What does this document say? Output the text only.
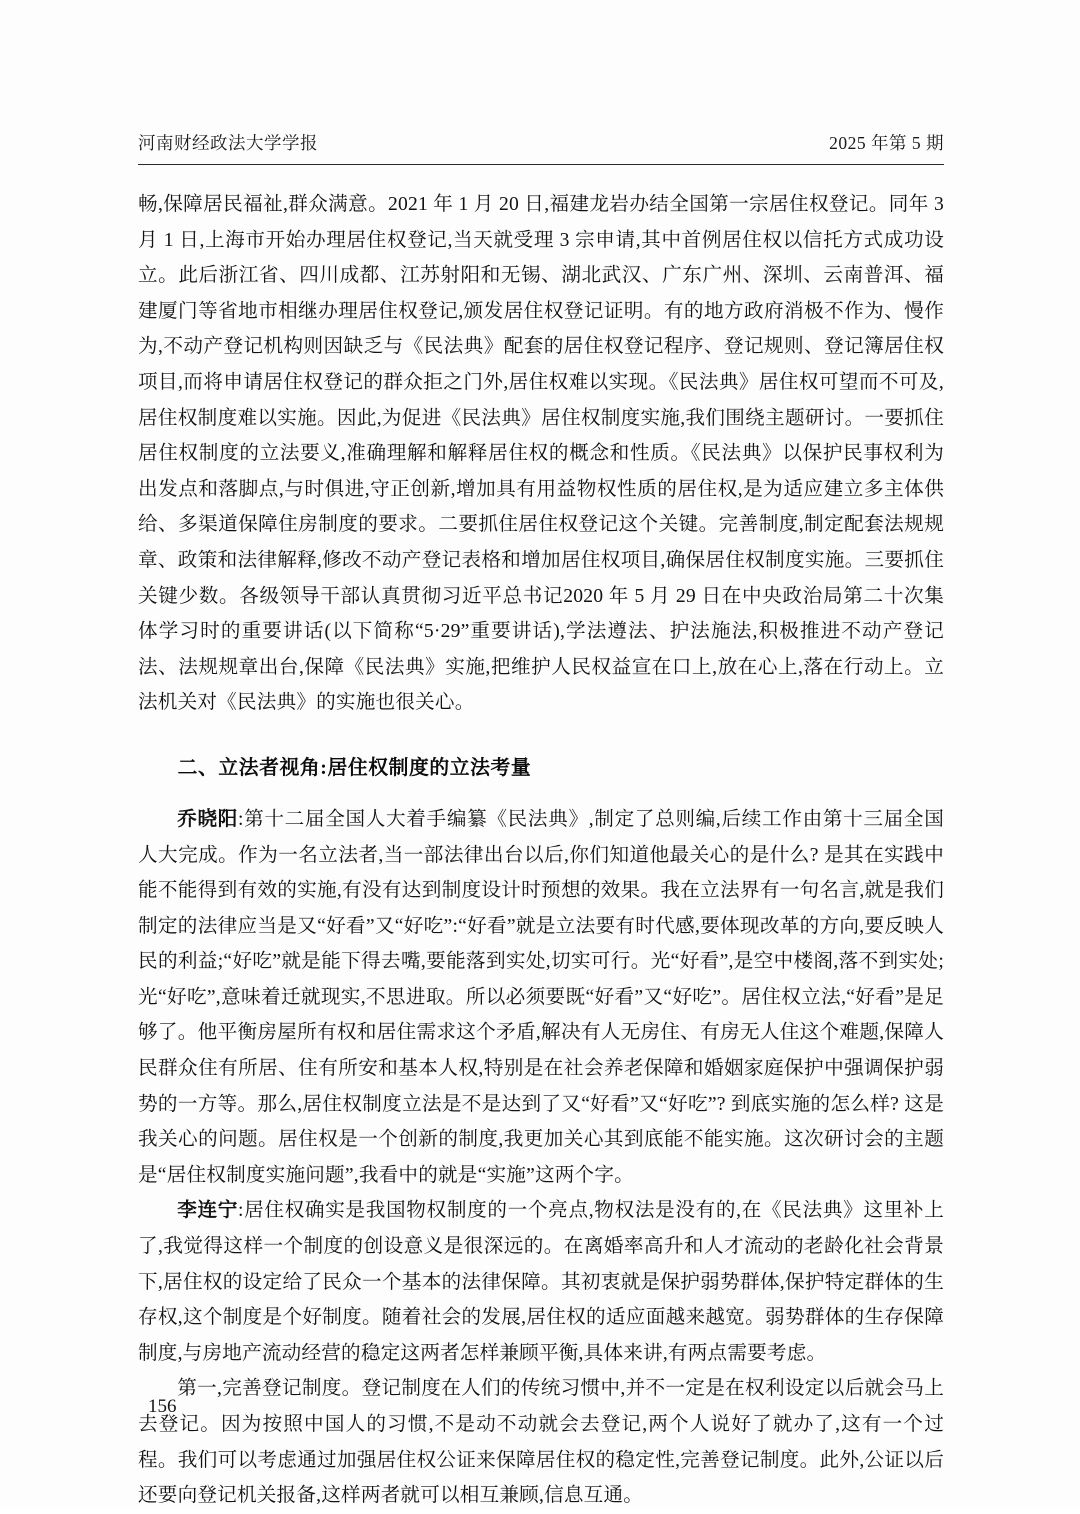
河南财经政法大学学报	2025 年第 5 期

畅,保障居民福祉,群众满意。2021 年 1 月 20 日,福建龙岩办结全国第一宗居住权登记。同年 3 月 1 日,上海市开始办理居住权登记,当天就受理 3 宗申请,其中首例居住权以信托方式成功设立。此后浙江省、四川成都、江苏射阳和无锡、湖北武汉、广东广州、深圳、云南普洱、福建厦门等省地市相继办理居住权登记,颁发居住权登记证明。有的地方政府消极不作为、慢作为,不动产登记机构则因缺乏与《民法典》配套的居住权登记程序、登记规则、登记簿居住权项目,而将申请居住权登记的群众拒之门外,居住权难以实现。《民法典》居住权可望而不可及,居住权制度难以实施。因此,为促进《民法典》居住权制度实施,我们围绕主题研讨。一要抓住居住权制度的立法要义,准确理解和解释居住权的概念和性质。《民法典》以保护民事权利为出发点和落脚点,与时俱进,守正创新,增加具有用益物权性质的居住权,是为适应建立多主体供给、多渠道保障住房制度的要求。二要抓住居住权登记这个关键。完善制度,制定配套法规规章、政策和法律解释,修改不动产登记表格和增加居住权项目,确保居住权制度实施。三要抓住关键少数。各级领导干部认真贯彻习近平总书记2020 年 5 月 29 日在中央政治局第二十次集体学习时的重要讲话(以下简称“5·29”重要讲话),学法遵法、护法施法,积极推进不动产登记法、法规规章出台,保障《民法典》实施,把维护人民权益宣在口上,放在心上,落在行动上。立法机关对《民法典》的实施也很关心。

二、立法者视角:居住权制度的立法考量

乔晓阳:第十二届全国人大着手编纂《民法典》,制定了总则编,后续工作由第十三届全国人大完成。作为一名立法者,当一部法律出台以后,你们知道他最关心的是什么? 是其在实践中能不能得到有效的实施,有没有达到制度设计时预想的效果。我在立法界有一句名言,就是我们制定的法律应当是又“好看”又“好吃”:“好看”就是立法要有时代感,要体现改革的方向,要反映人民的利益;“好吃”就是能下得去嘴,要能落到实处,切实可行。光“好看”,是空中楼阁,落不到实处;光“好吃”,意味着迁就现实,不思进取。所以必须要既“好看”又“好吃”。居住权立法,“好看”是足够了。他平衡房屋所有权和居住需求这个矛盾,解决有人无房住、有房无人住这个难题,保障人民群众住有所居、住有所安和基本人权,特别是在社会养老保障和婚姻家庭保护中强调保护弱势的一方等。那么,居住权制度立法是不是达到了又“好看”又“好吃”? 到底实施的怎么样? 这是我关心的问题。居住权是一个创新的制度,我更加关心其到底能不能实施。这次研讨会的主题是“居住权制度实施问题”,我看中的就是“实施”这两个字。

李连宁:居住权确实是我国物权制度的一个亮点,物权法是没有的,在《民法典》这里补上了,我觉得这样一个制度的创设意义是很深远的。在离婚率高升和人才流动的老龄化社会背景下,居住权的设定给了民众一个基本的法律保障。其初衷就是保护弱势群体,保护特定群体的生存权,这个制度是个好制度。随着社会的发展,居住权的适应面越来越宽。弱势群体的生存保障制度,与房地产流动经营的稳定这两者怎样兼顾平衡,具体来讲,有两点需要考虑。

第一,完善登记制度。登记制度在人们的传统习惯中,并不一定是在权利设定以后就会马上去登记。因为按照中国人的习惯,不是动不动就会去登记,两个人说好了就办了,这有一个过程。我们可以考虑通过加强居住权公证来保障居住权的稳定性,完善登记制度。此外,公证以后还要向登记机关报备,这样两者就可以相互兼顾,信息互通。

156
